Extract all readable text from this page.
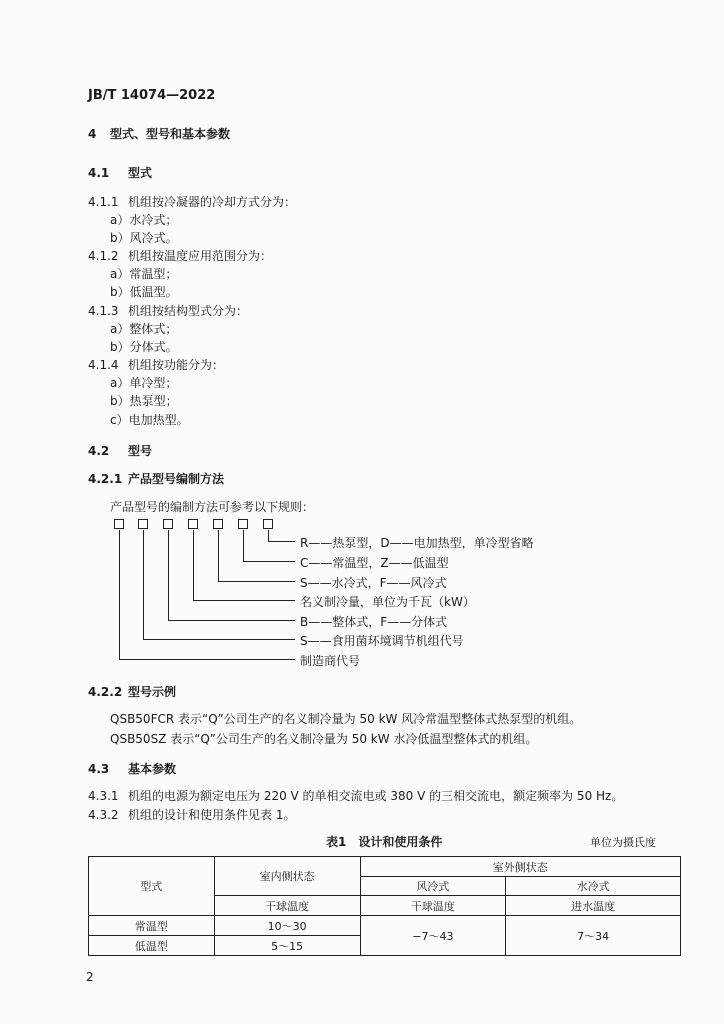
JB/T 14074—2022
4 型式、型号和基本参数
4.1 型式
4.1.1 机组按冷凝器的冷却方式分为：
a）水冷式；
b）风冷式。
4.1.2 机组按温度应用范围分为：
a）常温型；
b）低温型。
4.1.3 机组按结构型式分为：
a）整体式；
b）分体式。
4.1.4 机组按功能分为：
a）单冷型；
b）热泵型；
c）电加热型。
4.2 型号
4.2.1 产品型号编制方法
产品型号的编制方法可参考以下规则：
R——热泵型，D——电加热型，单冷型省略
C——常温型，Z——低温型
S——水冷式，F——风冷式
名义制冷量，单位为千瓦（kW）
B——整体式，F——分体式
S——食用菌环境调节机组代号
制造商代号
4.2.2 型号示例
QSB50FCR 表示“Q”公司生产的名义制冷量为 50 kW 风冷常温型整体式热泵型的机组。
QSB50SZ 表示“Q”公司生产的名义制冷量为 50 kW 水冷低温型整体式的机组。
4.3 基本参数
4.3.1 机组的电源为额定电压为 220 V 的单相交流电或 380 V 的三相交流电，额定频率为 50 Hz。
4.3.2 机组的设计和使用条件见表 1。
表1　设计和使用条件	单位为摄氏度
型式	室内侧状态	室外侧状态	
		风冷式	水冷式
	干球温度	干球温度	进水温度
常温型	10～30	−7～43	7～34
低温型	5～15		
2
